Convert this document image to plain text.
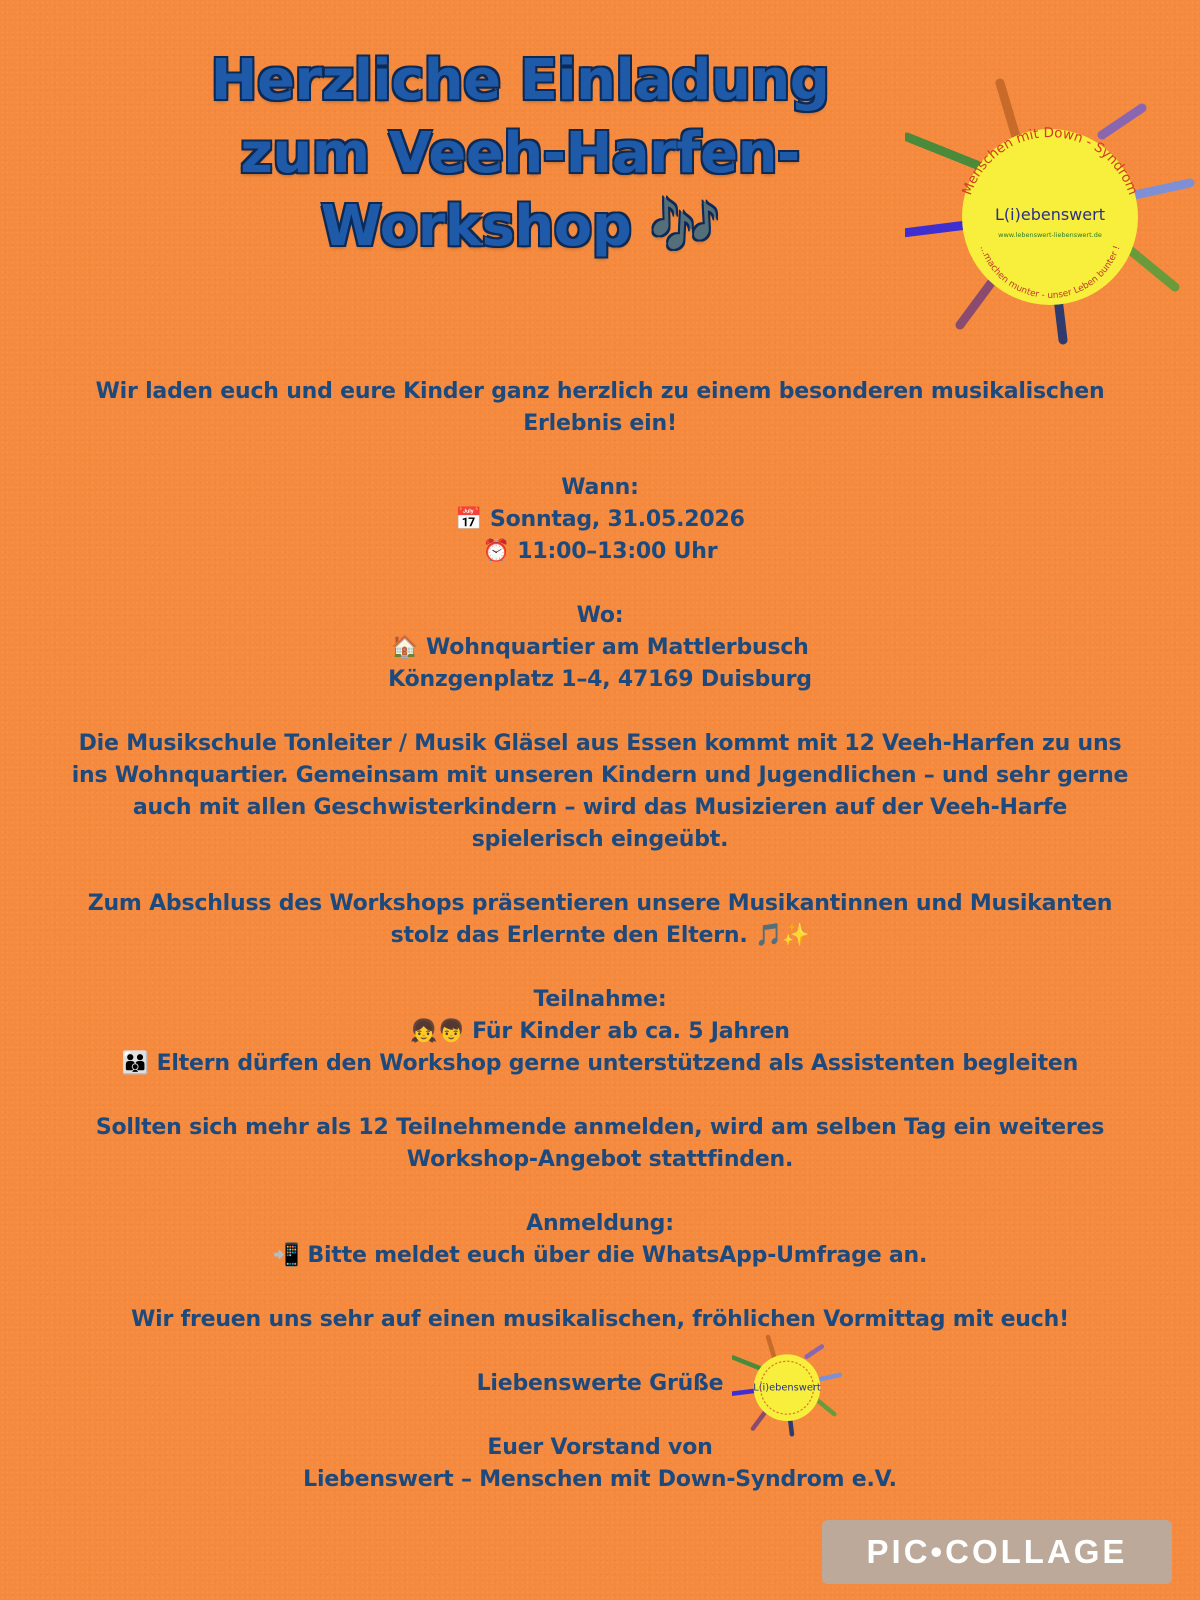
Herzliche Einladung
zum Veeh-Harfen-
Workshop 🎶
Menschen mit Down - Syndrom
L(i)ebenswert
www.lebenswert-liebenswert.de
...machen munter - unser Leben bunter !

Wir laden euch und eure Kinder ganz herzlich zu einem besonderen musikalischen
Erlebnis ein!

Wann:
📅 Sonntag, 31.05.2026
⏰ 11:00–13:00 Uhr

Wo:
🏠 Wohnquartier am Mattlerbusch
Könzgenplatz 1–4, 47169 Duisburg

Die Musikschule Tonleiter / Musik Gläsel aus Essen kommt mit 12 Veeh-Harfen zu uns
ins Wohnquartier. Gemeinsam mit unseren Kindern und Jugendlichen – und sehr gerne
auch mit allen Geschwisterkindern – wird das Musizieren auf der Veeh-Harfe
spielerisch eingeübt.

Zum Abschluss des Workshops präsentieren unsere Musikantinnen und Musikanten
stolz das Erlernte den Eltern. 🎵✨

Teilnahme:
👧👦 Für Kinder ab ca. 5 Jahren
👪 Eltern dürfen den Workshop gerne unterstützend als Assistenten begleiten

Sollten sich mehr als 12 Teilnehmende anmelden, wird am selben Tag ein weiteres
Workshop-Angebot stattfinden.

Anmeldung:
📲 Bitte meldet euch über die WhatsApp-Umfrage an.

Wir freuen uns sehr auf einen musikalischen, fröhlichen Vormittag mit euch!

Liebenswerte Grüße

Euer Vorstand von
Liebenswert – Menschen mit Down-Syndrom e.V.

L(i)ebenswert
PIC•COLLAGE
